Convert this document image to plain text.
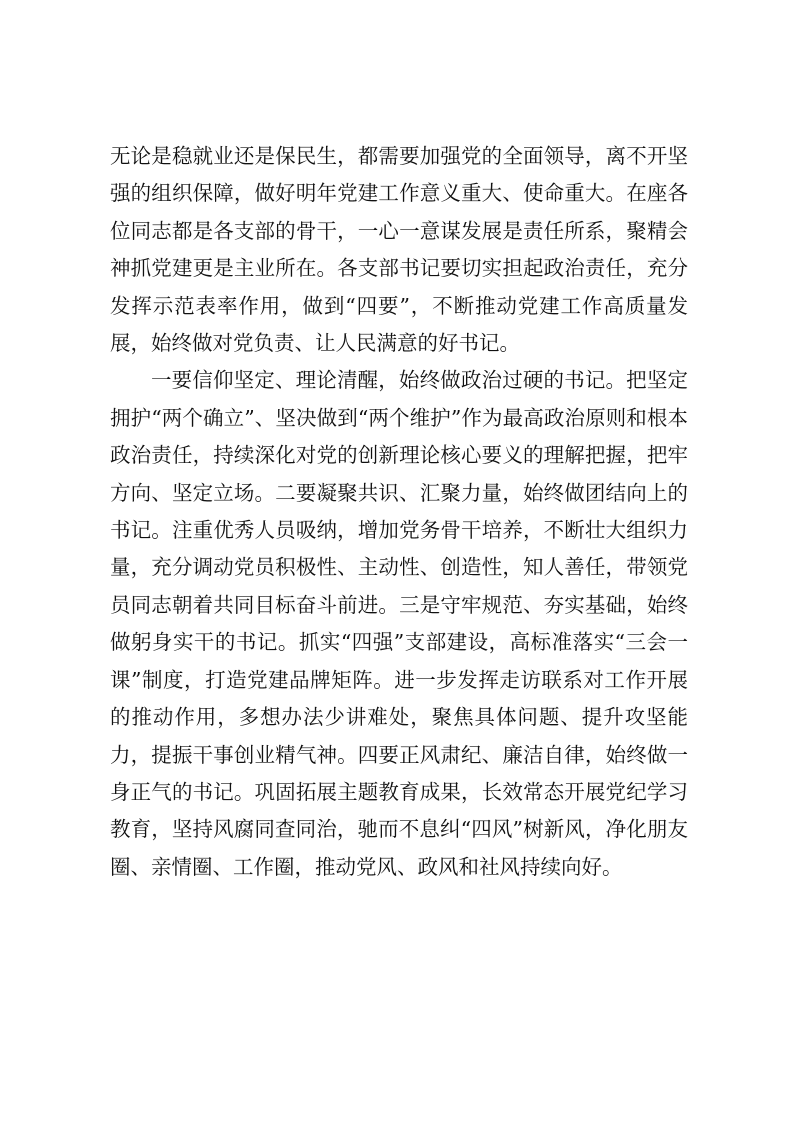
无论是稳就业还是保民生，都需要加强党的全面领导，离不开坚强的组织保障，做好明年党建工作意义重大、使命重大。在座各位同志都是各支部的骨干，一心一意谋发展是责任所系，聚精会神抓党建更是主业所在。各支部书记要切实担起政治责任，充分发挥示范表率作用，做到“四要”，不断推动党建工作高质量发展，始终做对党负责、让人民满意的好书记。

一要信仰坚定、理论清醒，始终做政治过硬的书记。把坚定拥护“两个确立”、坚决做到“两个维护”作为最高政治原则和根本政治责任，持续深化对党的创新理论核心要义的理解把握，把牢方向、坚定立场。二要凝聚共识、汇聚力量，始终做团结向上的书记。注重优秀人员吸纳，增加党务骨干培养，不断壮大组织力量，充分调动党员积极性、主动性、创造性，知人善任，带领党员同志朝着共同目标奋斗前进。三是守牢规范、夯实基础，始终做躬身实干的书记。抓实“四强”支部建设，高标准落实“三会一课”制度，打造党建品牌矩阵。进一步发挥走访联系对工作开展的推动作用，多想办法少讲难处，聚焦具体问题、提升攻坚能力，提振干事创业精气神。四要正风肃纪、廉洁自律，始终做一身正气的书记。巩固拓展主题教育成果，长效常态开展党纪学习教育，坚持风腐同查同治，驰而不息纠“四风”树新风，净化朋友圈、亲情圈、工作圈，推动党风、政风和社风持续向好。
